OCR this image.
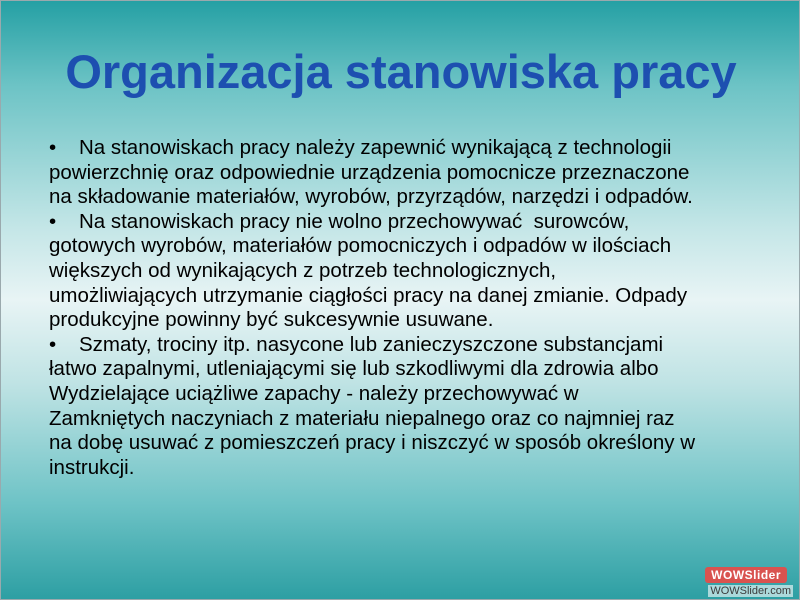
Organizacja stanowiska pracy

•    Na stanowiskach pracy należy zapewnić wynikającą z technologii
powierzchnię oraz odpowiednie urządzenia pomocnicze przeznaczone
na składowanie materiałów, wyrobów, przyrządów, narzędzi i odpadów.

•    Na stanowiskach pracy nie wolno przechowywać  surowców,
gotowych wyrobów, materiałów pomocniczych i odpadów w ilościach
większych od wynikających z potrzeb technologicznych,
umożliwiających utrzymanie ciągłości pracy na danej zmianie. Odpady
produkcyjne powinny być sukcesywnie usuwane.

•    Szmaty, trociny itp. nasycone lub zanieczyszczone substancjami
łatwo zapalnymi, utleniającymi się lub szkodliwymi dla zdrowia albo
Wydzielające uciążliwe zapachy - należy przechowywać w
Zamkniętych naczyniach z materiału niepalnego oraz co najmniej raz
na dobę usuwać z pomieszczeń pracy i niszczyć w sposób określony w
instrukcji.

WOWSlider
WOWSlider.com
